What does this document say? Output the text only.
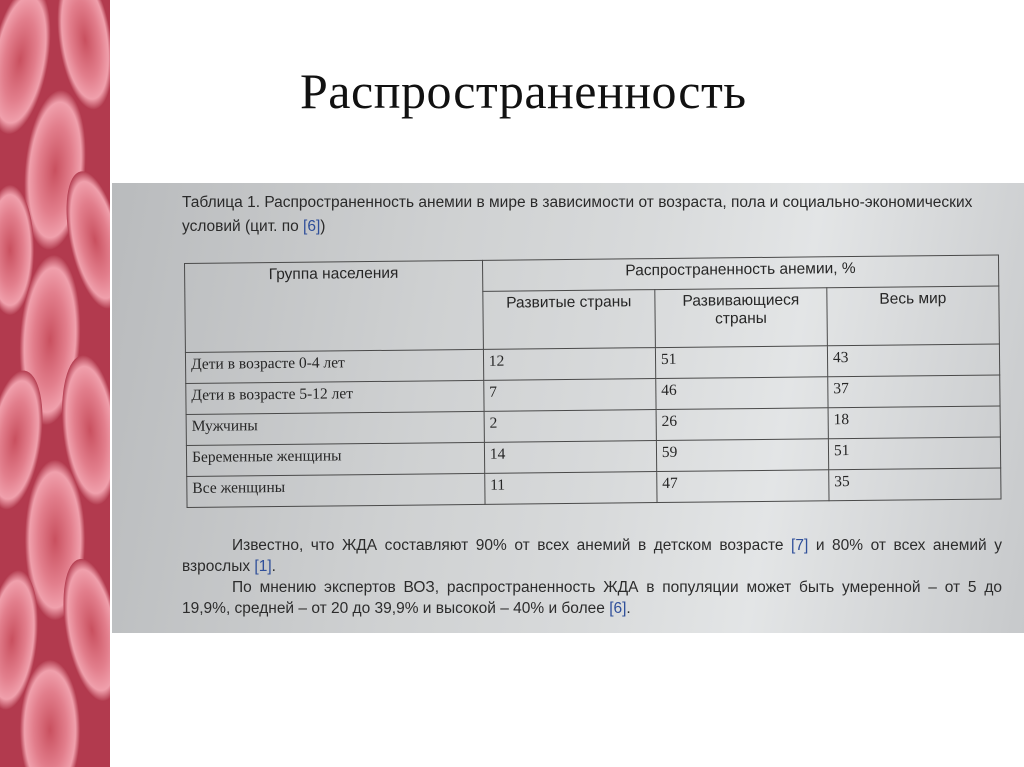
Распространенность
Таблица 1. Распространенность анемии в мире в зависимости от возраста, пола и социально-экономических условий (цит. по [6])
Группа населения	Распространенность анемии, %		
	Развитые страны	Развивающиеся страны	Весь мир
Дети в возрасте 0-4 лет	12	51	43
Дети в возрасте 5-12 лет	7	46	37
Мужчины	2	26	18
Беременные женщины	14	59	51
Все женщины	11	47	35

Известно, что ЖДА составляют 90% от всех анемий в детском возрасте [7] и 80% от всех анемий у взрослых [1].

По мнению экспертов ВОЗ, распространенность ЖДА в популяции может быть умеренной – от 5 до 19,9%, средней – от 20 до 39,9% и высокой – 40% и более [6].
